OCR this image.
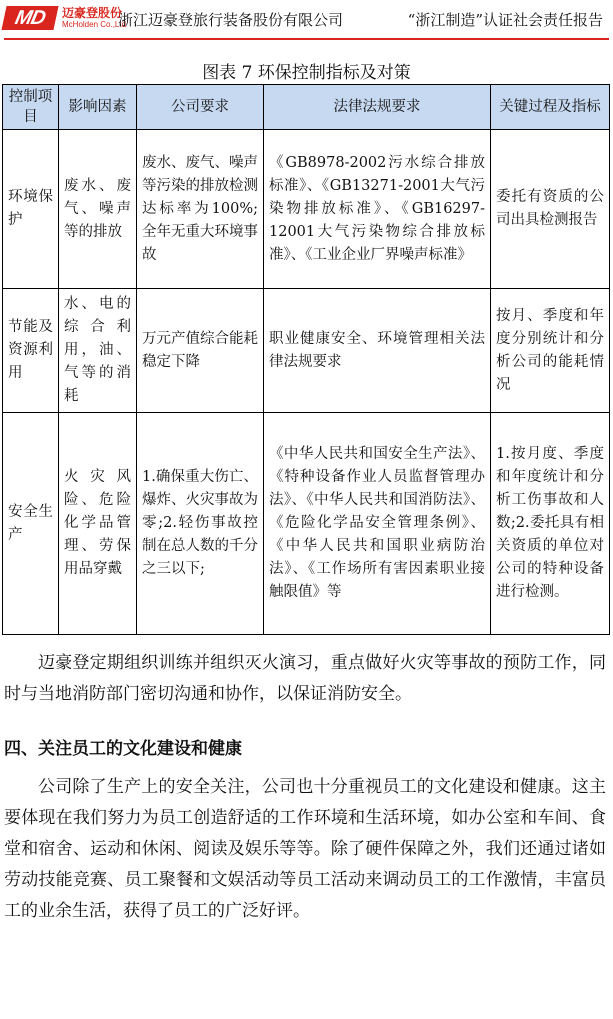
MD	迈豪登股份
McHolden Co.,Ltd
浙江迈豪登旅行装备股份有限公司	“浙江制造”认证社会责任报告
图表 7 环保控制指标及对策
控制项目	影响因素	公司要求	法律法规要求	关键过程及指标
环境保护	废水、废气、噪声等的排放	废水、废气、噪声等污染的排放检测达标率为100%;全年无重大环境事故	《GB8978-2002污水综合排放标准》、《GB13271-2001大气污染物排放标准》、《GB16297-12001大气污染物综合排放标准》、《工业企业厂界噪声标准》	委托有资质的公司出具检测报告
节能及资源利用	水、电的综合利用，油、气等的消耗	万元产值综合能耗稳定下降	职业健康安全、环境管理相关法律法规要求	按月、季度和年度分别统计和分析公司的能耗情况
安全生产	火灾风险、危险化学品管理、劳保用品穿戴	1.确保重大伤亡、爆炸、火灾事故为零;2.轻伤事故控制在总人数的千分之三以下;	《中华人民共和国安全生产法》、《特种设备作业人员监督管理办法》、《中华人民共和国消防法》、《危险化学品安全管理条例》、《中华人民共和国职业病防治法》、《工作场所有害因素职业接触限值》等	1.按月度、季度和年度统计和分析工伤事故和人数;2.委托具有相关资质的单位对公司的特种设备进行检测。
迈豪登定期组织训练并组织灭火演习，重点做好火灾等事故的预防工作，同时与当地消防部门密切沟通和协作，以保证消防安全。
四、关注员工的文化建设和健康
公司除了生产上的安全关注，公司也十分重视员工的文化建设和健康。这主要体现在我们努力为员工创造舒适的工作环境和生活环境，如办公室和车间、食堂和宿舍、运动和休闲、阅读及娱乐等等。除了硬件保障之外，我们还通过诸如劳动技能竞赛、员工聚餐和文娱活动等员工活动来调动员工的工作激情，丰富员工的业余生活，获得了员工的广泛好评。
